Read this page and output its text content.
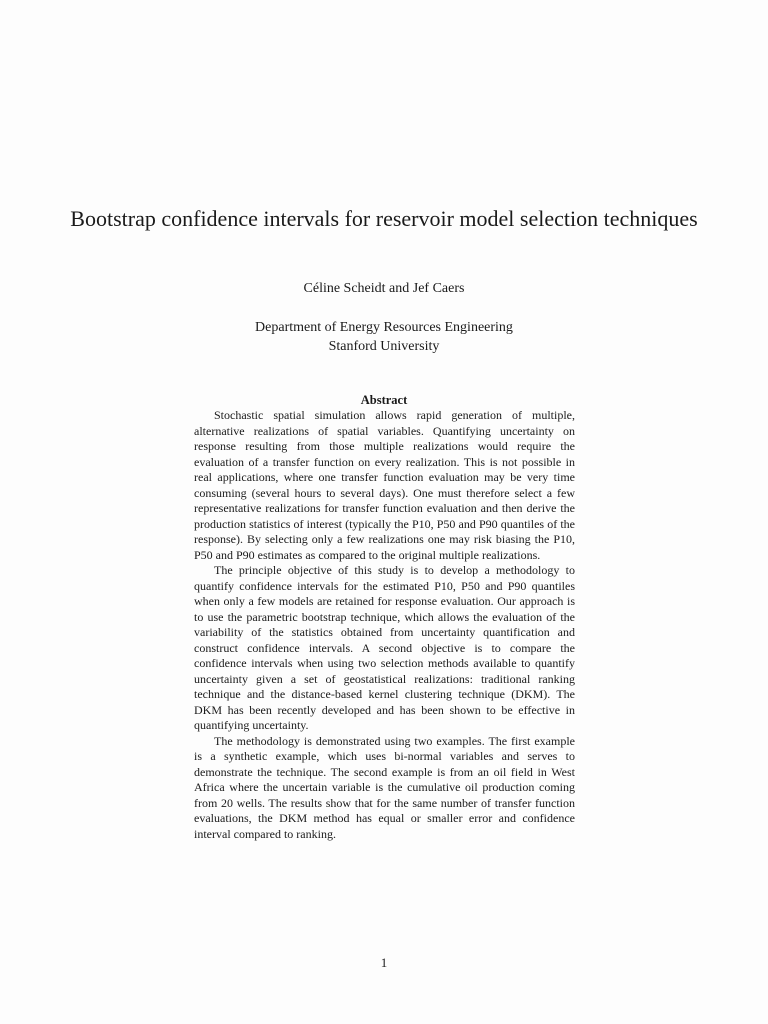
Bootstrap confidence intervals for reservoir model selection techniques
Céline Scheidt and Jef Caers
Department of Energy Resources Engineering
Stanford University
Abstract

Stochastic spatial simulation allows rapid generation of multiple, alternative realizations of spatial variables. Quantifying uncertainty on response resulting from those multiple realizations would require the evaluation of a transfer function on every realization. This is not possible in real applications, where one transfer function evaluation may be very time consuming (several hours to several days). One must therefore select a few representative realizations for transfer function evaluation and then derive the production statistics of interest (typically the P10, P50 and P90 quantiles of the response). By selecting only a few realizations one may risk biasing the P10, P50 and P90 estimates as compared to the original multiple realizations.

The principle objective of this study is to develop a methodology to quantify confidence intervals for the estimated P10, P50 and P90 quantiles when only a few models are retained for response evaluation. Our approach is to use the parametric bootstrap technique, which allows the evaluation of the variability of the statistics obtained from uncertainty quantification and construct confidence intervals. A second objective is to compare the confidence intervals when using two selection methods available to quantify uncertainty given a set of geostatistical realizations: traditional ranking technique and the distance-based kernel clustering technique (DKM). The DKM has been recently developed and has been shown to be effective in quantifying uncertainty.

The methodology is demonstrated using two examples. The first example is a synthetic example, which uses bi-normal variables and serves to demonstrate the technique. The second example is from an oil field in West Africa where the uncertain variable is the cumulative oil production coming from 20 wells. The results show that for the same number of transfer function evaluations, the DKM method has equal or smaller error and confidence interval compared to ranking.

1
